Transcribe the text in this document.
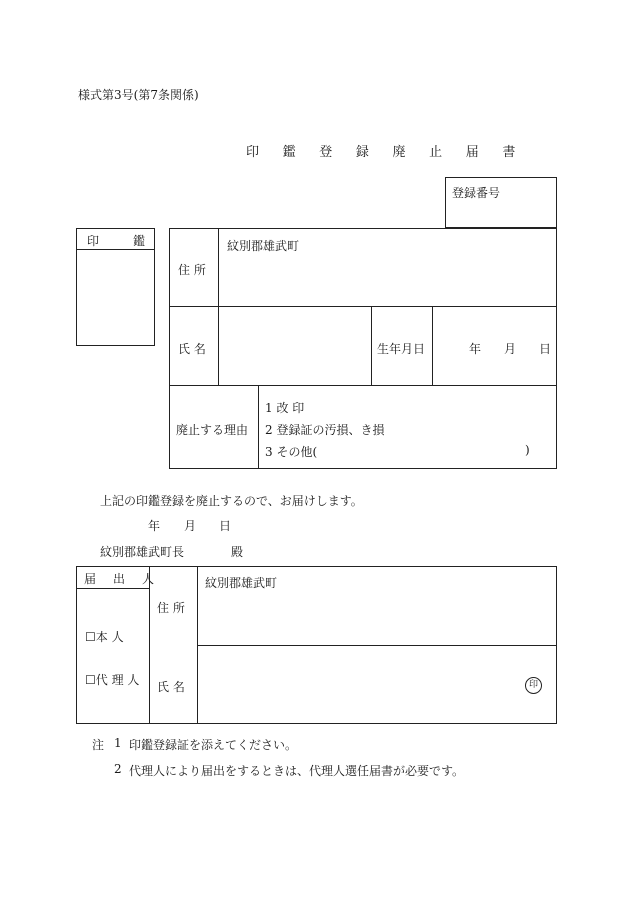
様式第3号(第7条関係)
印 鑑 登 録 廃 止 届 書
登録番号
印	鑑
住 所
紋別郡雄武町
氏 名	生年月日	年 月 日
廃止する理由
1 改 印
2 登録証の汚損、き損
3 その他(	)
上記の印鑑登録を廃止するので、お届けします。
年 月 日
紋別郡雄武町長	殿
届 出 人
☐本 人
☐代 理 人
住 所
紋別郡雄武町
氏 名	印
注 1 印鑑登録証を添えてください。
2 代理人により届出をするときは、代理人選任届書が必要です。
